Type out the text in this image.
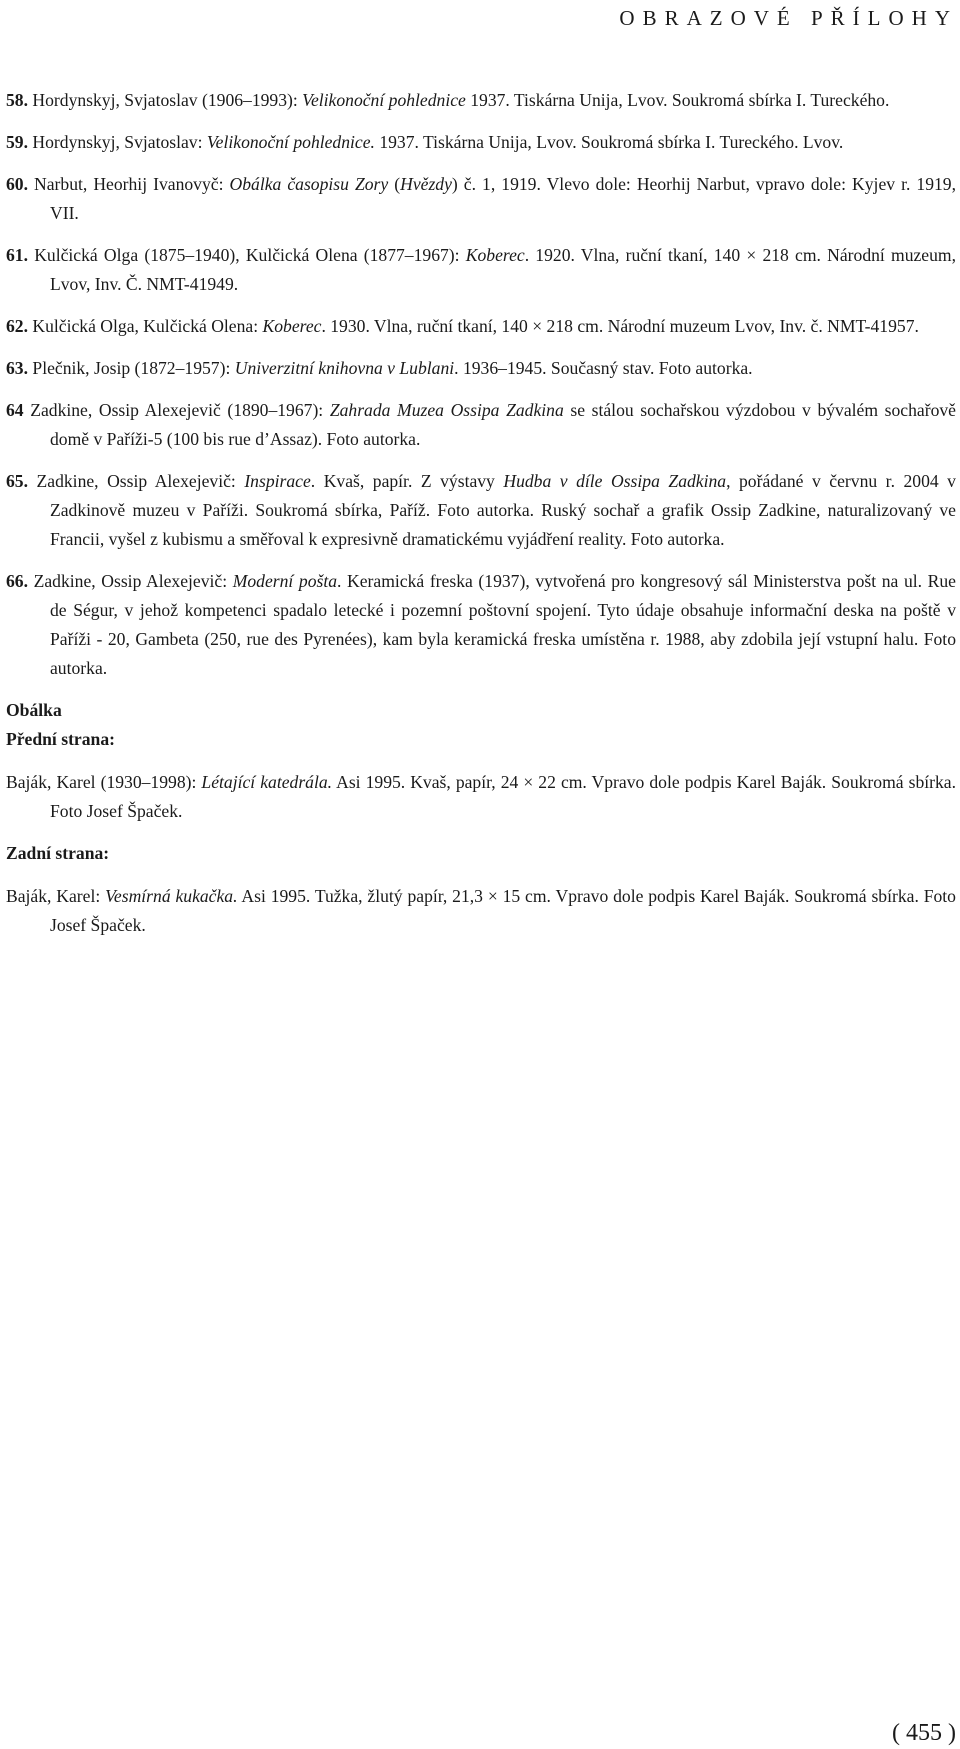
OBRAZOVÉ PŘÍLOHY

58. Hordynskyj, Svjatoslav (1906–1993): Velikonoční pohlednice 1937. Tiskárna Unija, Lvov. Soukromá sbírka I. Tureckého.

59. Hordynskyj, Svjatoslav: Velikonoční pohlednice. 1937. Tiskárna Unija, Lvov. Soukromá sbírka I. Tureckého. Lvov.

60. Narbut, Heorhij Ivanovyč: Obálka časopisu Zory (Hvězdy) č. 1, 1919. Vlevo dole: Heorhij Narbut, vpravo dole: Kyjev r. 1919, VII.

61. Kulčická Olga (1875–1940), Kulčická Olena (1877–1967): Koberec. 1920. Vlna, ruční tkaní, 140 × 218 cm. Národní muzeum, Lvov, Inv. Č. NMT-41949.

62. Kulčická Olga, Kulčická Olena: Koberec. 1930. Vlna, ruční tkaní, 140 × 218 cm. Národní muzeum Lvov, Inv. č. NMT-41957.

63. Plečnik, Josip (1872–1957): Univerzitní knihovna v Lublani. 1936–1945. Současný stav. Foto autorka.

64 Zadkine, Ossip Alexejevič (1890–1967): Zahrada Muzea Ossipa Zadkina se stálou sochařskou výzdobou v bývalém sochařově domě v Paříži-5 (100 bis rue d’Assaz). Foto autorka.

65. Zadkine, Ossip Alexejevič: Inspirace. Kvaš, papír. Z výstavy Hudba v díle Ossipa Zadkina, pořádané v červnu r. 2004 v Zadkinově muzeu v Paříži. Soukromá sbírka, Paříž. Foto autorka. Ruský sochař a grafik Ossip Zadkine, naturalizovaný ve Francii, vyšel z kubismu a směřoval k expresivně dramatickému vyjádření reality. Foto autorka.

66. Zadkine, Ossip Alexejevič: Moderní pošta. Keramická freska (1937), vytvořená pro kongresový sál Ministerstva pošt na ul. Rue de Ségur, v jehož kompetenci spadalo letecké i pozemní poštovní spojení. Tyto údaje obsahuje informační deska na poště v Paříži - 20, Gambeta (250, rue des Pyrenées), kam byla keramická freska umístěna r. 1988, aby zdobila její vstupní halu. Foto autorka.

Obálka

Přední strana:

Baják, Karel (1930–1998): Létající katedrála. Asi 1995. Kvaš, papír, 24 × 22 cm. Vpravo dole podpis Karel Baják. Soukromá sbírka. Foto Josef Špaček.

Zadní strana:

Baják, Karel: Vesmírná kukačka. Asi 1995. Tužka, žlutý papír, 21,3 × 15 cm. Vpravo dole podpis Karel Baják. Soukromá sbírka. Foto Josef Špaček.

( 455 )
